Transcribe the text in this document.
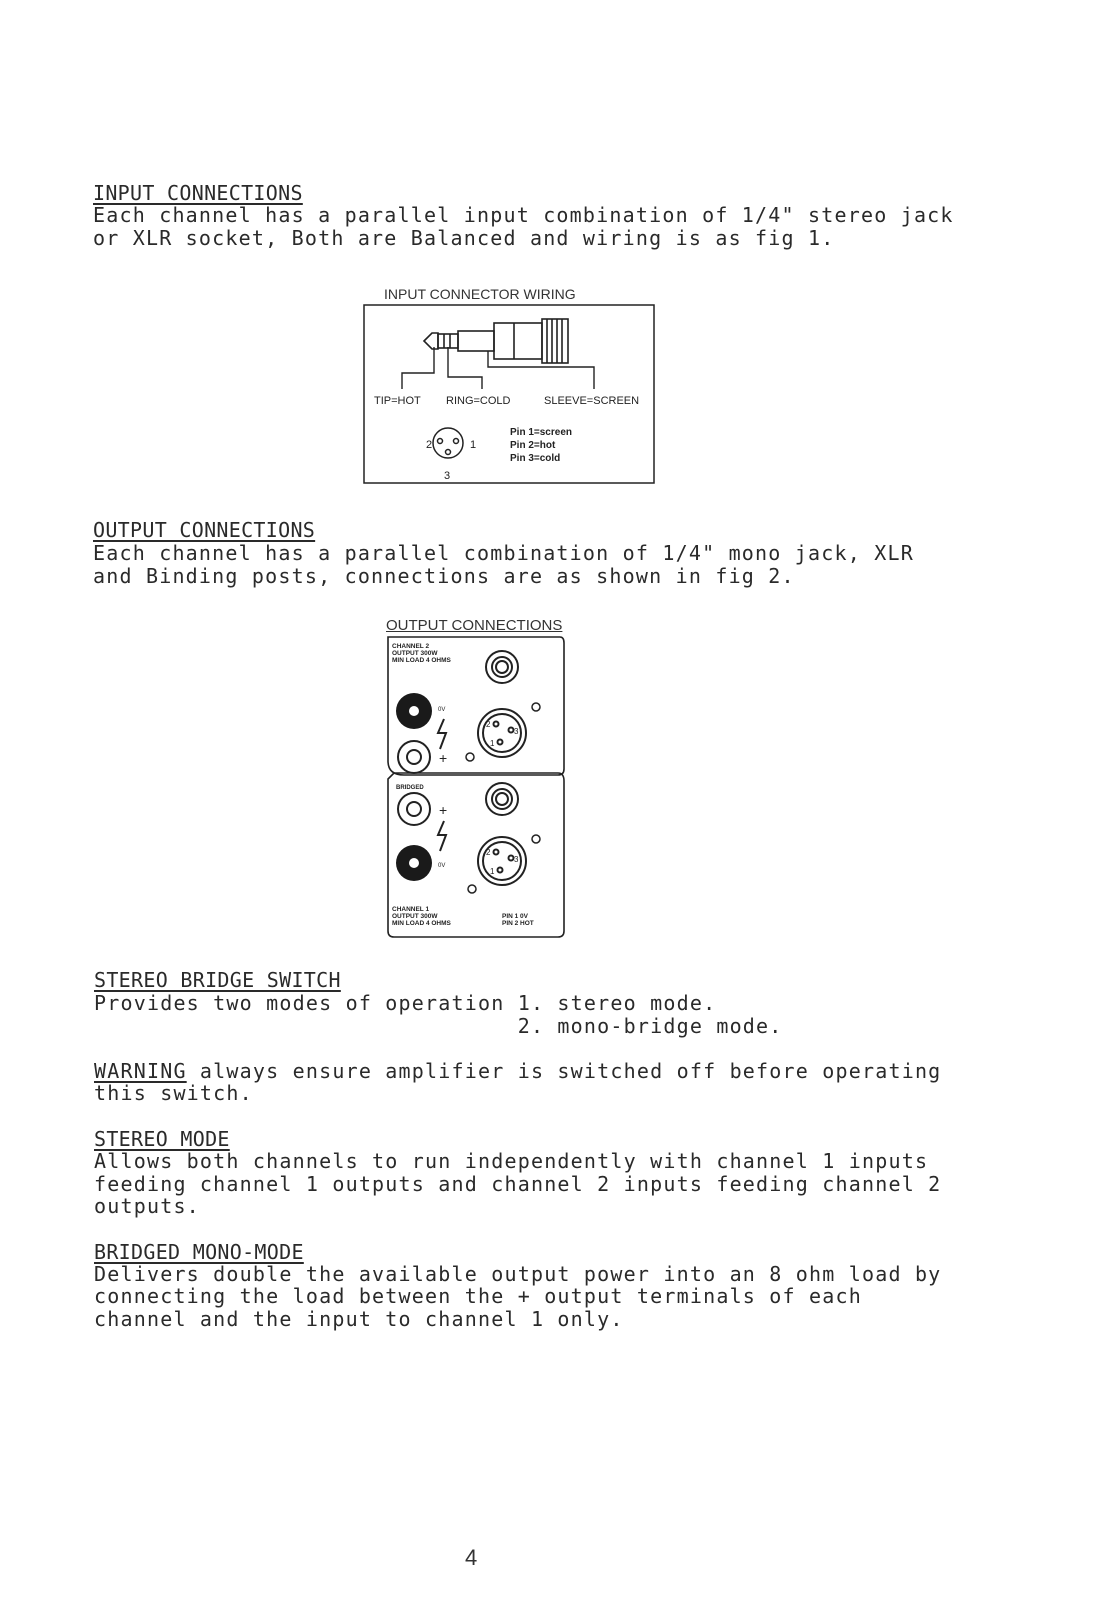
INPUT CONNECTIONS
Each channel has a parallel input combination of 1/4" stereo jack
or XLR socket, Both are Balanced and wiring is as fig 1.
INPUT CONNECTOR WIRING
TIP=HOT RING=COLD	SLEEVE=SCREEN
2	1
3
Pin 1=screen
Pin 2=hot
Pin 3=cold
OUTPUT CONNECTIONS
Each channel has a parallel combination of 1/4" mono jack, XLR
and Binding posts, connections are as shown in fig 2.
OUTPUT CONNECTIONS
CHANNEL 2
OUTPUT 300W
MIN LOAD 4 OHMS
0V
+
2
3
1
BRIDGED
+
0V
2
3
1
CHANNEL 1
OUTPUT 300W
MIN LOAD 4 OHMS
PIN 1 0V
PIN 2 HOT
STEREO BRIDGE SWITCH
Provides two modes of operation 1. stereo mode.
2. mono-bridge mode.
WARNING always ensure amplifier is switched off before operating
this switch.
STEREO MODE
Allows both channels to run independently with channel 1 inputs
feeding channel 1 outputs and channel 2 inputs feeding channel 2
outputs.
BRIDGED MONO-MODE
Delivers double the available output power into an 8 ohm load by
connecting the load between the + output terminals of each
channel and the input to channel 1 only.
4
